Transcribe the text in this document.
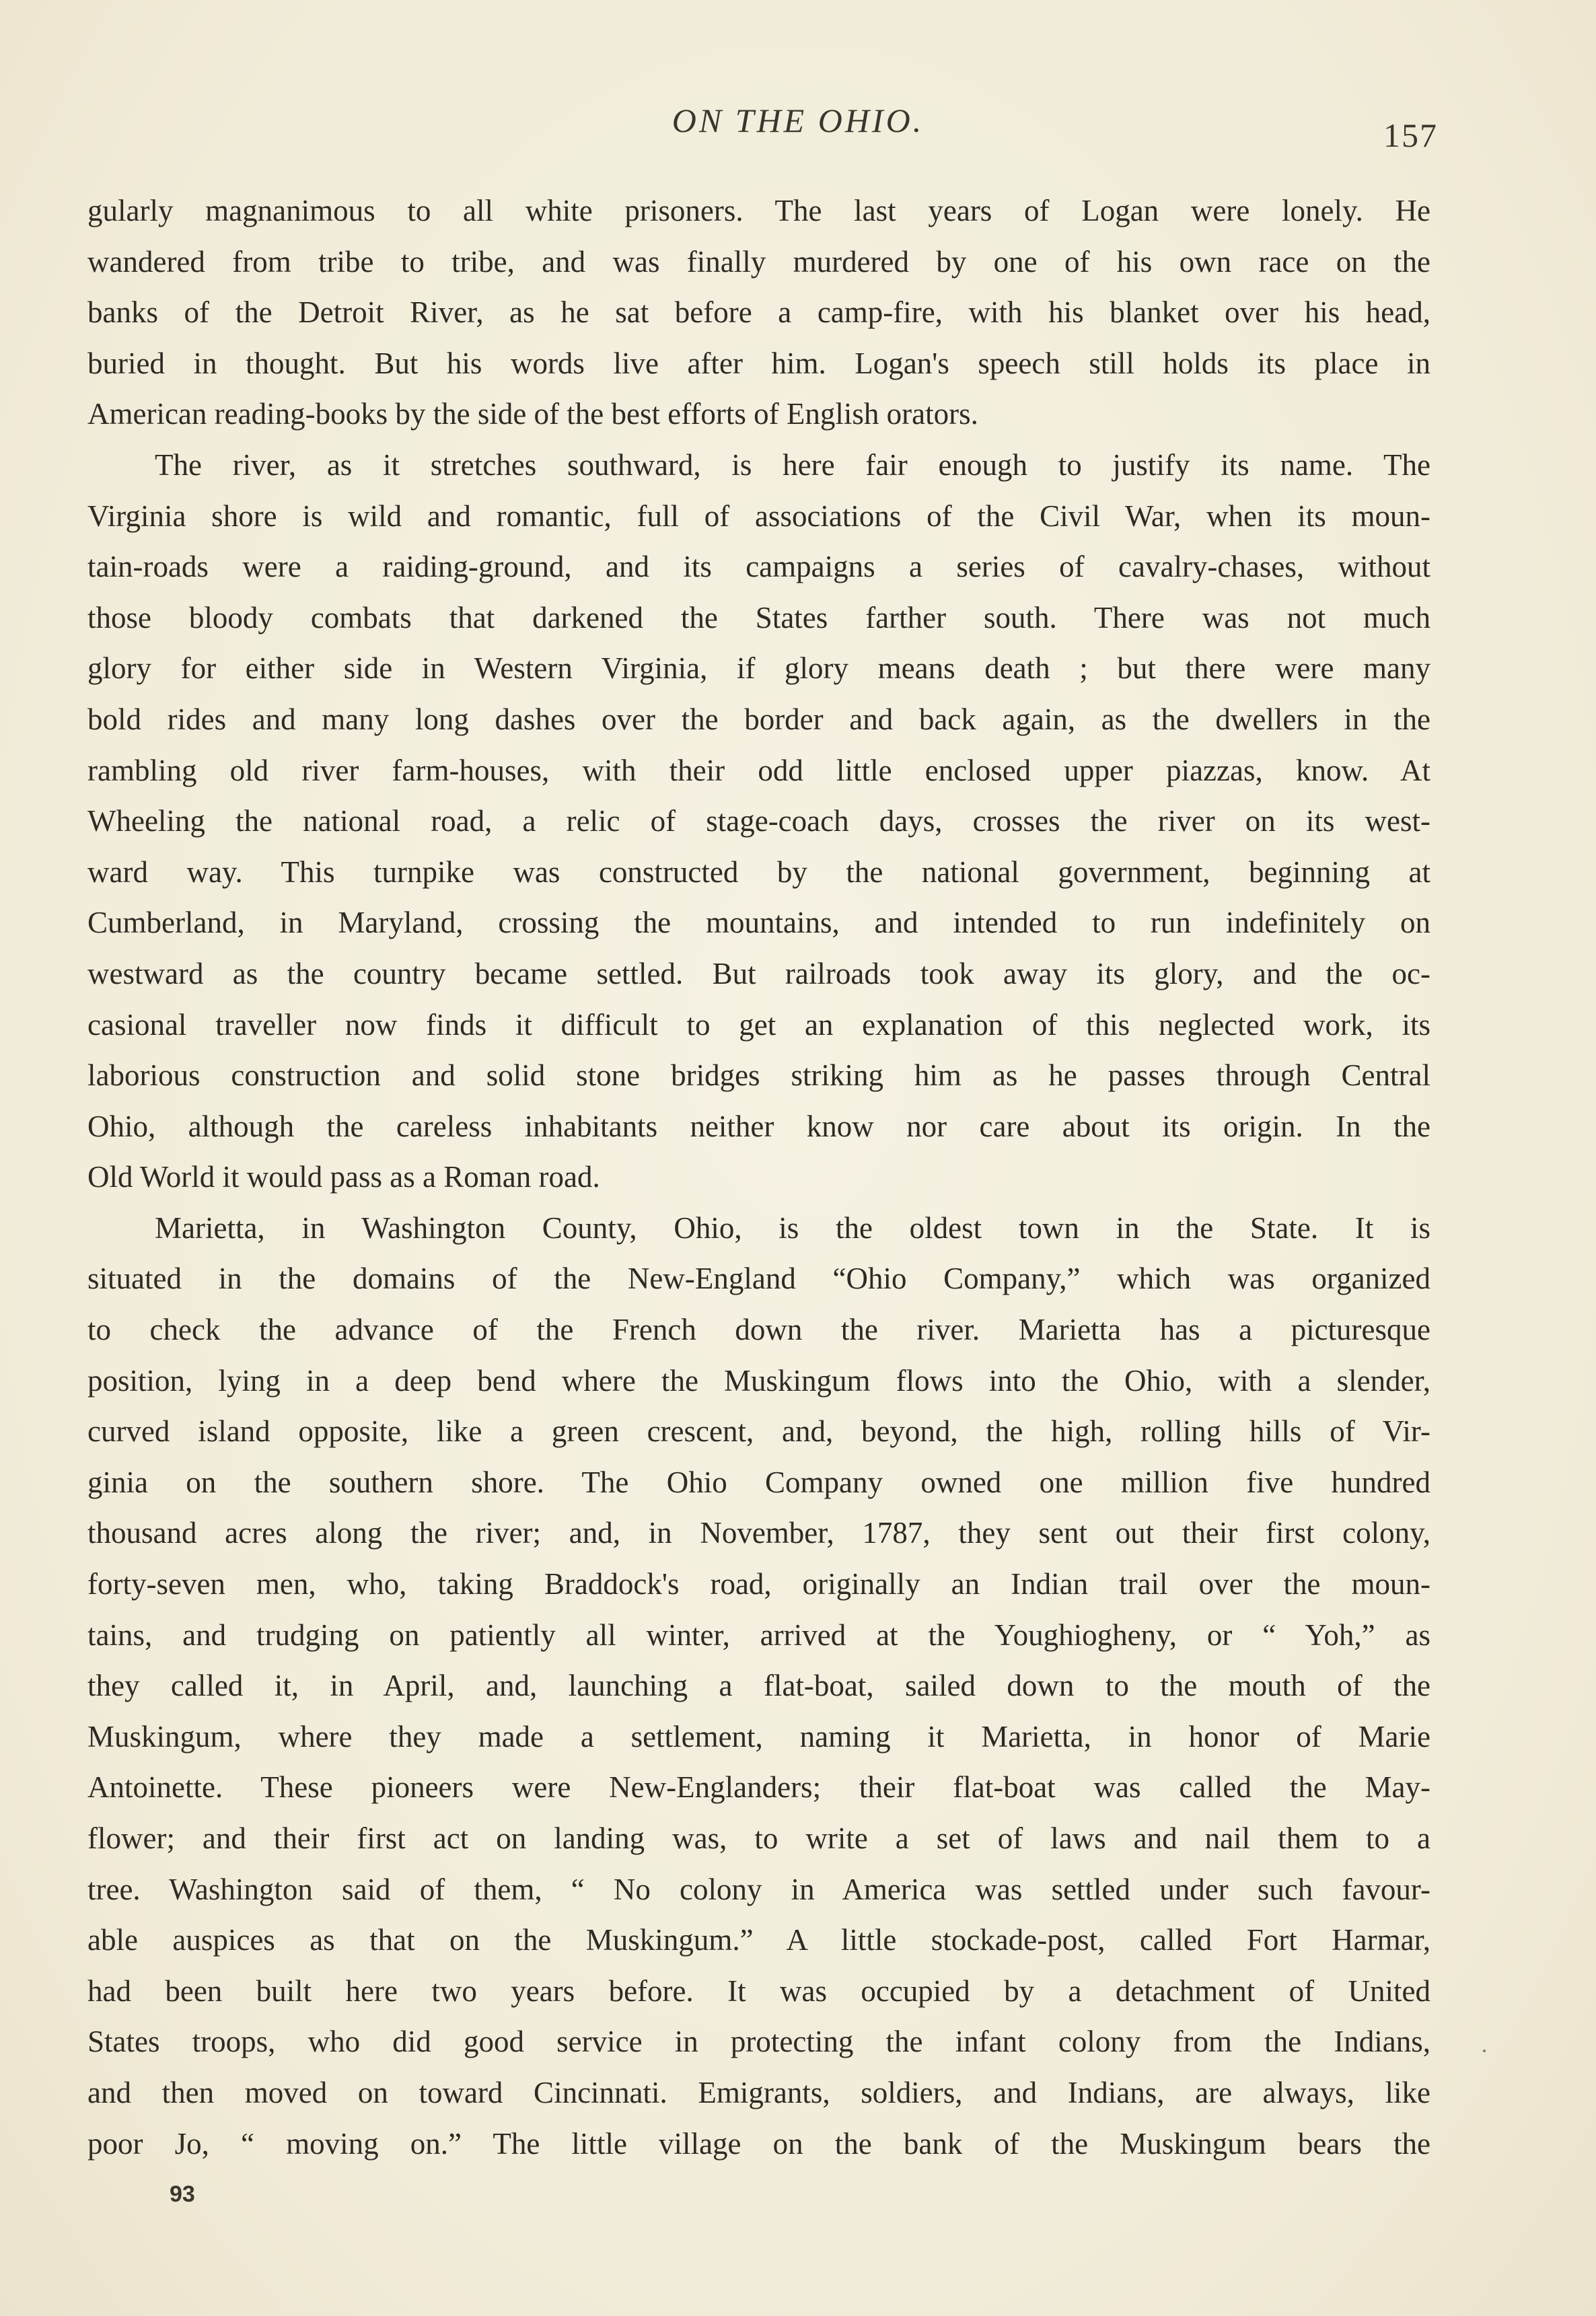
ON THE OHIO.	157
gularly magnanimous to all white prisoners. The last years of Logan were lonely. He
wandered from tribe to tribe, and was finally murdered by one of his own race on the
banks of the Detroit River, as he sat before a camp-fire, with his blanket over his head,
buried in thought. But his words live after him. Logan's speech still holds its place in
American reading-books by the side of the best efforts of English orators.
The river, as it stretches southward, is here fair enough to justify its name. The
Virginia shore is wild and romantic, full of associations of the Civil War, when its moun-
tain-roads were a raiding-ground, and its campaigns a series of cavalry-chases, without
those bloody combats that darkened the States farther south. There was not much
glory for either side in Western Virginia, if glory means death ; but there were many
bold rides and many long dashes over the border and back again, as the dwellers in the
rambling old river farm-houses, with their odd little enclosed upper piazzas, know. At
Wheeling the national road, a relic of stage-coach days, crosses the river on its west-
ward way. This turnpike was constructed by the national government, beginning at
Cumberland, in Maryland, crossing the mountains, and intended to run indefinitely on
westward as the country became settled. But railroads took away its glory, and the oc-
casional traveller now finds it difficult to get an explanation of this neglected work, its
laborious construction and solid stone bridges striking him as he passes through Central
Ohio, although the careless inhabitants neither know nor care about its origin. In the
Old World it would pass as a Roman road.
Marietta, in Washington County, Ohio, is the oldest town in the State. It is
situated in the domains of the New-England “Ohio Company,” which was organized
to check the advance of the French down the river. Marietta has a picturesque
position, lying in a deep bend where the Muskingum flows into the Ohio, with a slender,
curved island opposite, like a green crescent, and, beyond, the high, rolling hills of Vir-
ginia on the southern shore. The Ohio Company owned one million five hundred
thousand acres along the river; and, in November, 1787, they sent out their first colony,
forty-seven men, who, taking Braddock's road, originally an Indian trail over the moun-
tains, and trudging on patiently all winter, arrived at the Youghiogheny, or “ Yoh,” as
they called it, in April, and, launching a flat-boat, sailed down to the mouth of the
Muskingum, where they made a settlement, naming it Marietta, in honor of Marie
Antoinette. These pioneers were New-Englanders; their flat-boat was called the May-
flower; and their first act on landing was, to write a set of laws and nail them to a
tree. Washington said of them, “ No colony in America was settled under such favour-
able auspices as that on the Muskingum.” A little stockade-post, called Fort Harmar,
had been built here two years before. It was occupied by a detachment of United
States troops, who did good service in protecting the infant colony from the Indians,
and then moved on toward Cincinnati. Emigrants, soldiers, and Indians, are always, like
poor Jo, “ moving on.” The little village on the bank of the Muskingum bears the
93
